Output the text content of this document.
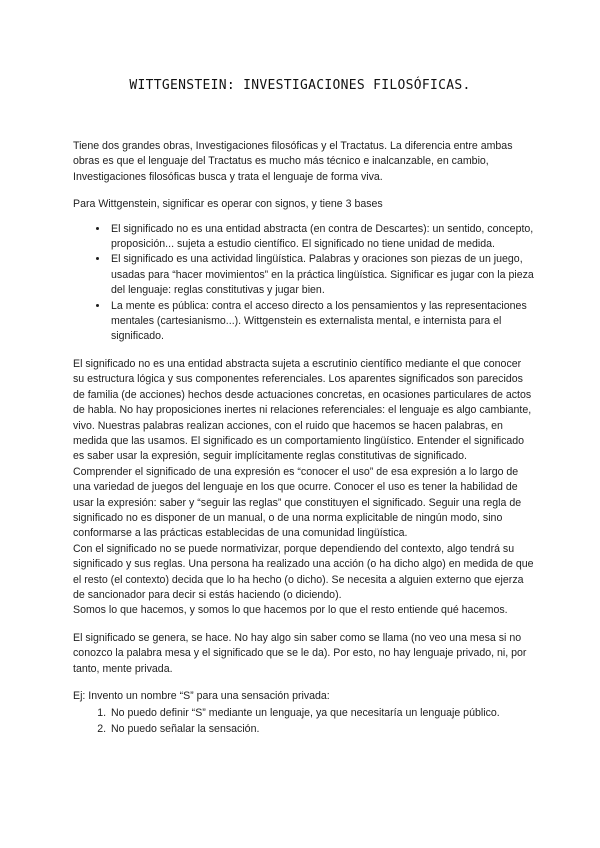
WITTGENSTEIN: INVESTIGACIONES FILOSÓFICAS.

Tiene dos grandes obras, Investigaciones filosóficas y el Tractatus. La diferencia entre ambas obras es que el lenguaje del Tractatus es mucho más técnico e inalcanzable, en cambio, Investigaciones filosóficas busca y trata el lenguaje de forma viva.

Para Wittgenstein, significar es operar con signos, y tiene 3 bases

• El significado no es una entidad abstracta (en contra de Descartes): un sentido, concepto, proposición... sujeta a estudio científico. El significado no tiene unidad de medida.
• El significado es una actividad lingüística. Palabras y oraciones son piezas de un juego, usadas para “hacer movimientos” en la práctica lingüística. Significar es jugar con la pieza del lenguaje: reglas constitutivas y jugar bien.
• La mente es pública: contra el acceso directo a los pensamientos y las representaciones mentales (cartesianismo...). Wittgenstein es externalista mental, e internista para el significado.

El significado no es una entidad abstracta sujeta a escrutinio científico mediante el que conocer su estructura lógica y sus componentes referenciales. Los aparentes significados son parecidos de familia (de acciones) hechos desde actuaciones concretas, en ocasiones particulares de actos de habla. No hay proposiciones inertes ni relaciones referenciales: el lenguaje es algo cambiante, vivo. Nuestras palabras realizan acciones, con el ruido que hacemos se hacen palabras, en medida que las usamos. El significado es un comportamiento lingüístico. Entender el significado es saber usar la expresión, seguir implícitamente reglas constitutivas de significado.

Comprender el significado de una expresión es “conocer el uso” de esa expresión a lo largo de una variedad de juegos del lenguaje en los que ocurre. Conocer el uso es tener la habilidad de usar la expresión: saber y “seguir las reglas” que constituyen el significado. Seguir una regla de significado no es disponer de un manual, o de una norma explicitable de ningún modo, sino conformarse a las prácticas establecidas de una comunidad lingüística.

Con el significado no se puede normativizar, porque dependiendo del contexto, algo tendrá su significado y sus reglas. Una persona ha realizado una acción (o ha dicho algo) en medida de que el resto (el contexto) decida que lo ha hecho (o dicho). Se necesita a alguien externo que ejerza de sancionador para decir si estás haciendo (o diciendo).

Somos lo que hacemos, y somos lo que hacemos por lo que el resto entiende qué hacemos.

El significado se genera, se hace. No hay algo sin saber como se llama (no veo una mesa si no conozco la palabra mesa y el significado que se le da). Por esto, no hay lenguaje privado, ni, por tanto, mente privada.

Ej: Invento un nombre “S” para una sensación privada:

1. No puedo definir “S” mediante un lenguaje, ya que necesitaría un lenguaje público.
2. No puedo señalar la sensación.
